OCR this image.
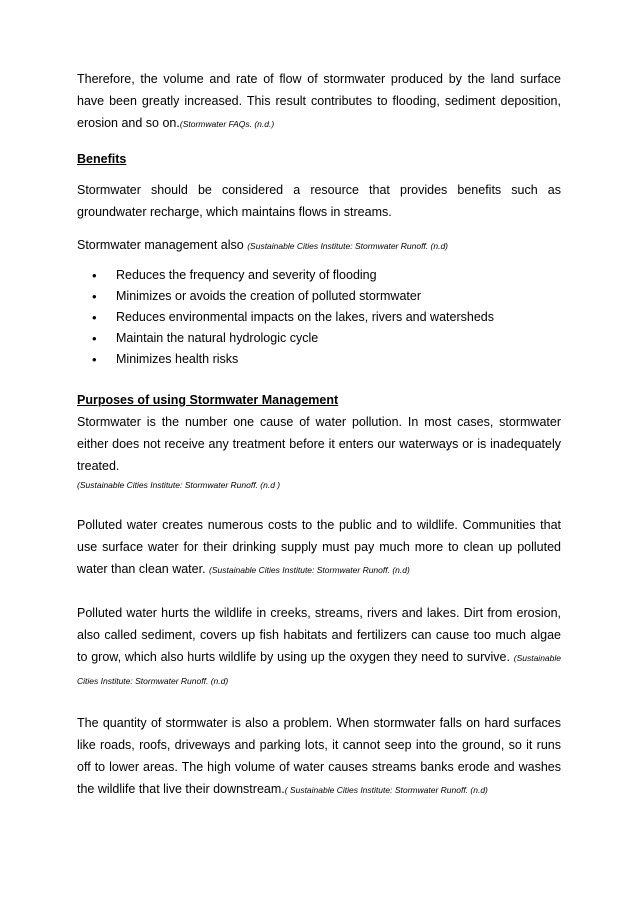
Therefore, the volume and rate of flow of stormwater produced by the land surface have been greatly increased. This result contributes to flooding, sediment deposition, erosion and so on.(Stormwater FAQs. (n.d.)

Benefits

Stormwater should be considered a resource that provides benefits such as groundwater recharge, which maintains flows in streams.

Stormwater management also (Sustainable Cities Institute: Stormwater Runoff. (n.d)

• Reduces the frequency and severity of flooding
• Minimizes or avoids the creation of polluted stormwater
• Reduces environmental impacts on the lakes, rivers and watersheds
• Maintain the natural hydrologic cycle
• Minimizes health risks
Purposes of using Stormwater Management

Stormwater is the number one cause of water pollution. In most cases, stormwater either does not receive any treatment before it enters our waterways or is inadequately treated.
(Sustainable Cities Institute: Stormwater Runoff. (n.d )

Polluted water creates numerous costs to the public and to wildlife. Communities that use surface water for their drinking supply must pay much more to clean up polluted water than clean water. (Sustainable Cities Institute: Stormwater Runoff. (n.d)

Polluted water hurts the wildlife in creeks, streams, rivers and lakes. Dirt from erosion, also called sediment, covers up fish habitats and fertilizers can cause too much algae to grow, which also hurts wildlife by using up the oxygen they need to survive. (Sustainable Cities Institute: Stormwater Runoff. (n.d)

The quantity of stormwater is also a problem. When stormwater falls on hard surfaces like roads, roofs, driveways and parking lots, it cannot seep into the ground, so it runs off to lower areas. The high volume of water causes streams banks erode and washes the wildlife that live their downstream.( Sustainable Cities Institute: Stormwater Runoff. (n.d)
